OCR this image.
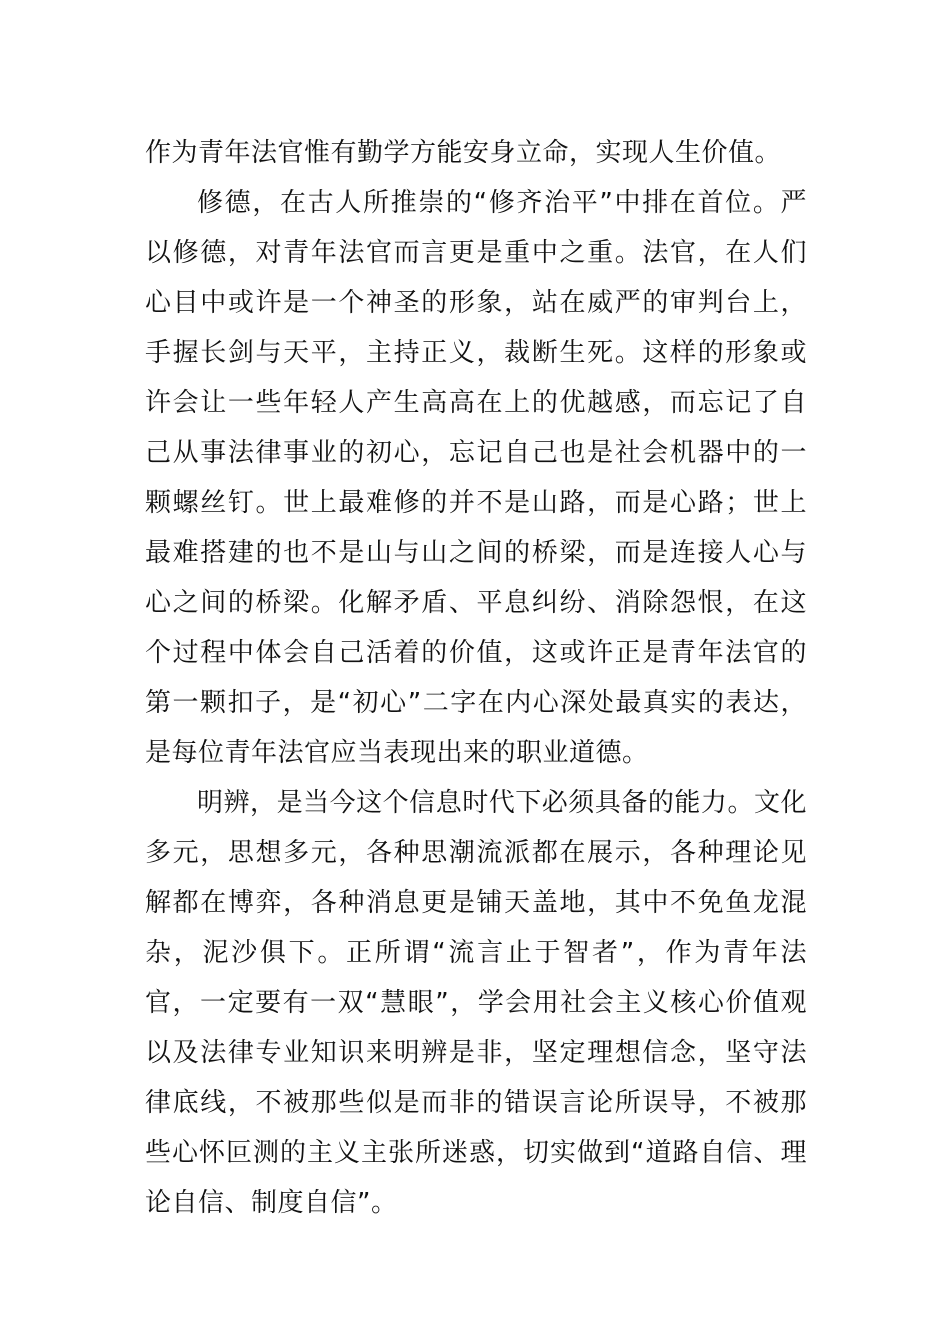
作为青年法官惟有勤学方能安身立命，实现人生价值。

修德，在古人所推崇的“修齐治平”中排在首位。严以修德，对青年法官而言更是重中之重。法官，在人们心目中或许是一个神圣的形象，站在威严的审判台上，手握长剑与天平，主持正义，裁断生死。这样的形象或许会让一些年轻人产生高高在上的优越感，而忘记了自己从事法律事业的初心，忘记自己也是社会机器中的一颗螺丝钉。世上最难修的并不是山路，而是心路；世上最难搭建的也不是山与山之间的桥梁，而是连接人心与心之间的桥梁。化解矛盾、平息纠纷、消除怨恨，在这个过程中体会自己活着的价值，这或许正是青年法官的第一颗扣子，是“初心”二字在内心深处最真实的表达，是每位青年法官应当表现出来的职业道德。

明辨，是当今这个信息时代下必须具备的能力。文化多元，思想多元，各种思潮流派都在展示，各种理论见解都在博弈，各种消息更是铺天盖地，其中不免鱼龙混杂，泥沙俱下。正所谓“流言止于智者”，作为青年法官，一定要有一双“慧眼”，学会用社会主义核心价值观以及法律专业知识来明辨是非，坚定理想信念，坚守法律底线，不被那些似是而非的错误言论所误导，不被那些心怀叵测的主义主张所迷惑，切实做到“道路自信、理论自信、制度自信”。
